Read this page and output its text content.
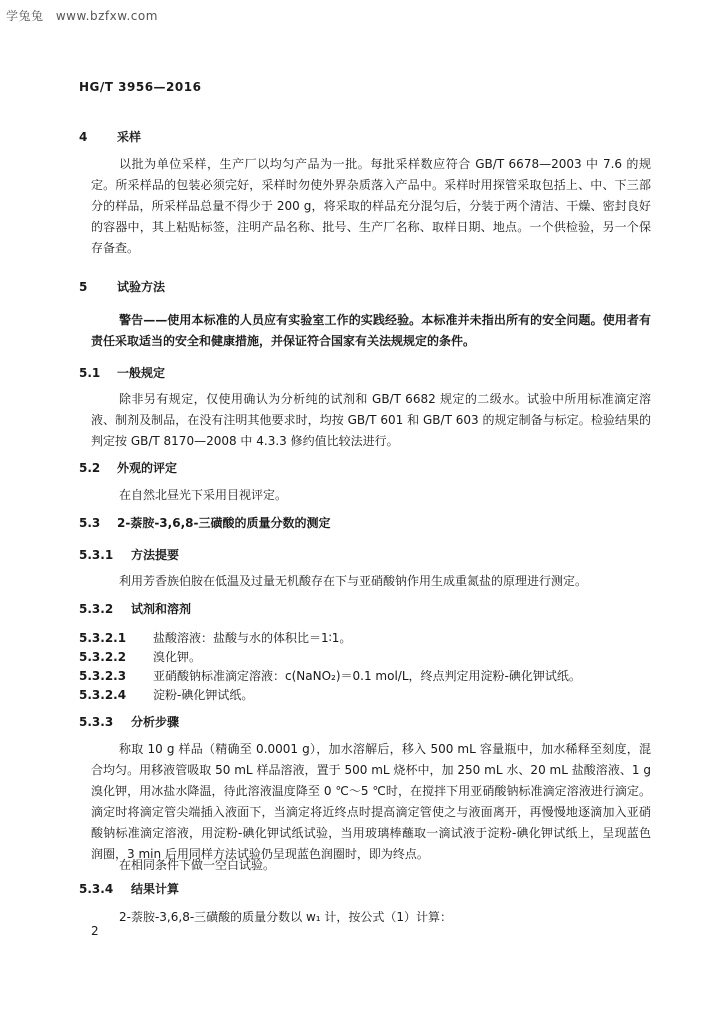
学兔兔 www.bzfxw.com
HG/T 3956—2016
4 采样
以批为单位采样，生产厂以均匀产品为一批。每批采样数应符合 GB/T 6678—2003 中 7.6 的规定。所采样品的包装必须完好，采样时勿使外界杂质落入产品中。采样时用探管采取包括上、中、下三部分的样品，所采样品总量不得少于 200 g，将采取的样品充分混匀后，分装于两个清洁、干燥、密封良好的容器中，其上粘贴标签，注明产品名称、批号、生产厂名称、取样日期、地点。一个供检验，另一个保存备查。
5 试验方法
警告——使用本标准的人员应有实验室工作的实践经验。本标准并未指出所有的安全问题。使用者有责任采取适当的安全和健康措施，并保证符合国家有关法规规定的条件。
5.1 一般规定
除非另有规定，仅使用确认为分析纯的试剂和 GB/T 6682 规定的二级水。试验中所用标准滴定溶液、制剂及制品，在没有注明其他要求时，均按 GB/T 601 和 GB/T 603 的规定制备与标定。检验结果的判定按 GB/T 8170—2008 中 4.3.3 修约值比较法进行。
5.2 外观的评定
在自然北昼光下采用目视评定。
5.3 2-萘胺-3,6,8-三磺酸的质量分数的测定
5.3.1 方法提要
利用芳香族伯胺在低温及过量无机酸存在下与亚硝酸钠作用生成重氮盐的原理进行测定。
5.3.2 试剂和溶剂
5.3.2.1 盐酸溶液：盐酸与水的体积比＝1∶1。
5.3.2.2 溴化钾。
5.3.2.3 亚硝酸钠标准滴定溶液：c(NaNO₂)＝0.1 mol/L，终点判定用淀粉-碘化钾试纸。
5.3.2.4 淀粉-碘化钾试纸。
5.3.3 分析步骤
称取 10 g 样品（精确至 0.0001 g），加水溶解后，移入 500 mL 容量瓶中，加水稀释至刻度，混合均匀。用移液管吸取 50 mL 样品溶液，置于 500 mL 烧杯中，加 250 mL 水、20 mL 盐酸溶液、1 g 溴化钾，用冰盐水降温，待此溶液温度降至 0 ℃～5 ℃时，在搅拌下用亚硝酸钠标准滴定溶液进行滴定。滴定时将滴定管尖端插入液面下，当滴定将近终点时提高滴定管使之与液面离开，再慢慢地逐滴加入亚硝酸钠标准滴定溶液，用淀粉-碘化钾试纸试验，当用玻璃棒蘸取一滴试液于淀粉-碘化钾试纸上，呈现蓝色润圈，3 min 后用同样方法试验仍呈现蓝色润圈时，即为终点。
在相同条件下做一空白试验。
5.3.4 结果计算
2-萘胺-3,6,8-三磺酸的质量分数以 w₁ 计，按公式（1）计算：
2
